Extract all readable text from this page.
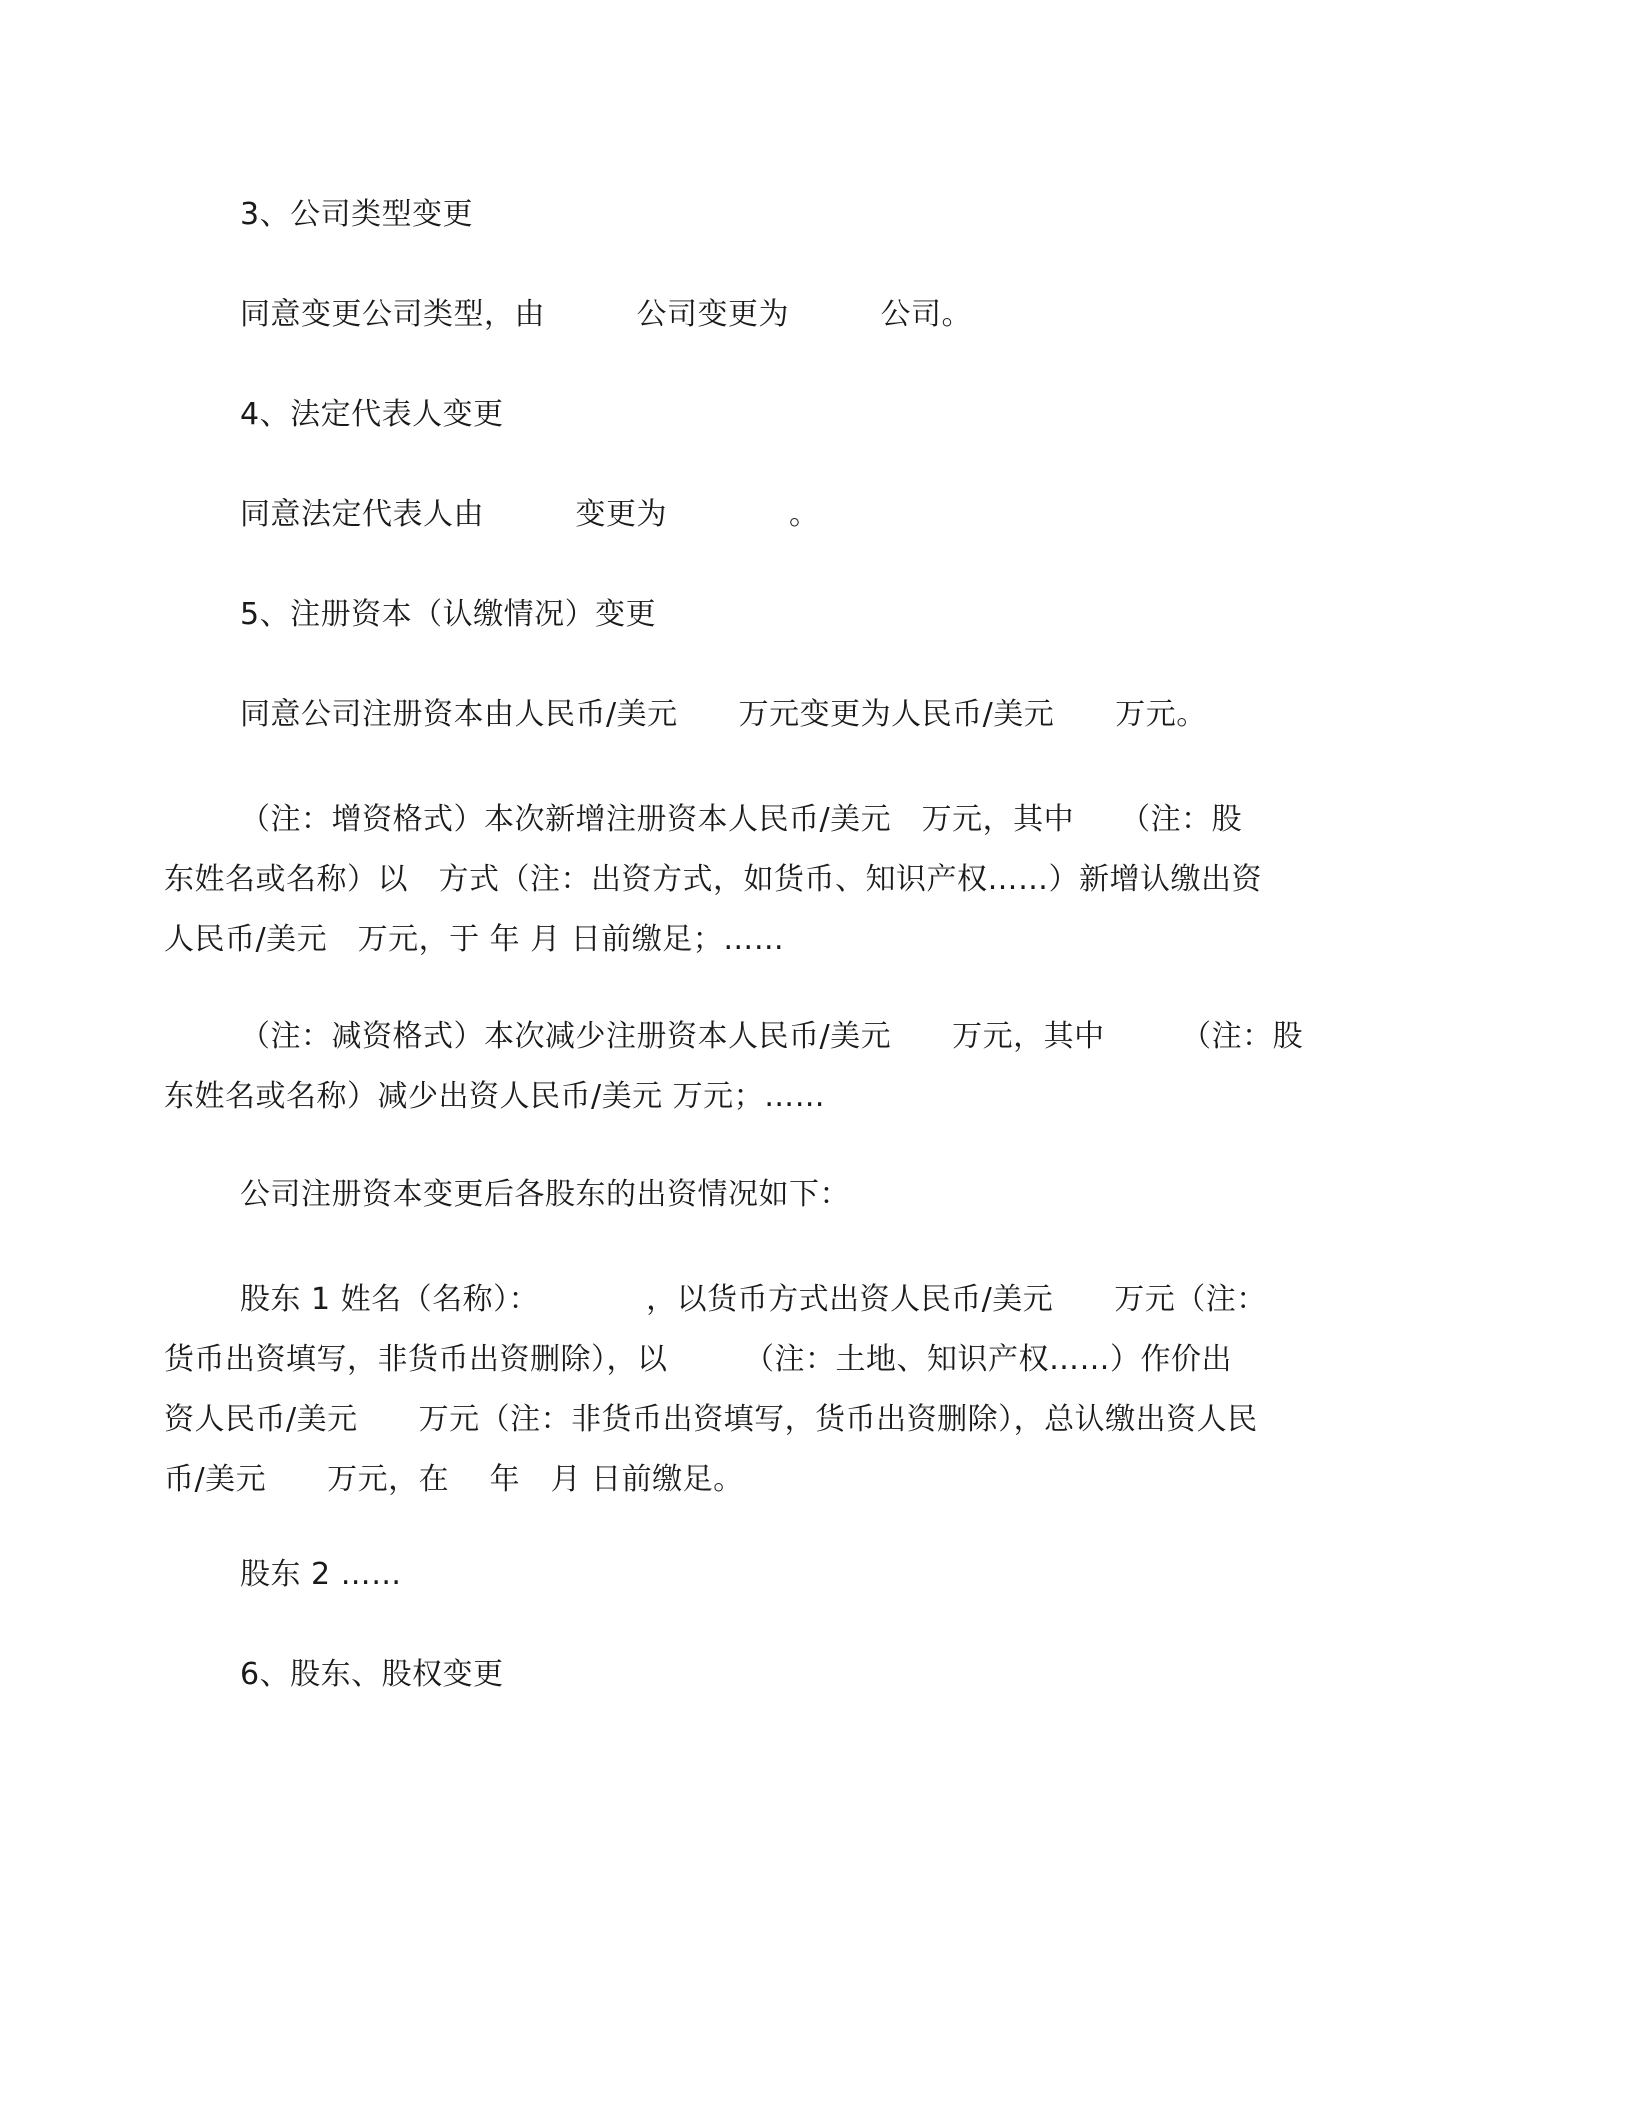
3、公司类型变更
同意变更公司类型，由　　　公司变更为　　　公司。
4、法定代表人变更
同意法定代表人由　　　变更为　　　　。
5、注册资本（认缴情况）变更
同意公司注册资本由人民币/美元　　万元变更为人民币/美元　　万元。
（注：增资格式）本次新增注册资本人民币/美元　万元，其中　　（注：股
东姓名或名称）以　方式（注：出资方式，如货币、知识产权……）新增认缴出资
人民币/美元　万元，于 年 月 日前缴足；……
（注：减资格式）本次减少注册资本人民币/美元　　万元，其中　　　（注：股
东姓名或名称）减少出资人民币/美元 万元；……
公司注册资本变更后各股东的出资情况如下：
股东 1 姓名（名称）：　　　　，以货币方式出资人民币/美元　　万元（注：
货币出资填写，非货币出资删除），以　　　（注：土地、知识产权……）作价出
资人民币/美元　　万元（注：非货币出资填写，货币出资删除），总认缴出资人民
币/美元　　万元，在　 年　月 日前缴足。
股东 2 ……
6、股东、股权变更
